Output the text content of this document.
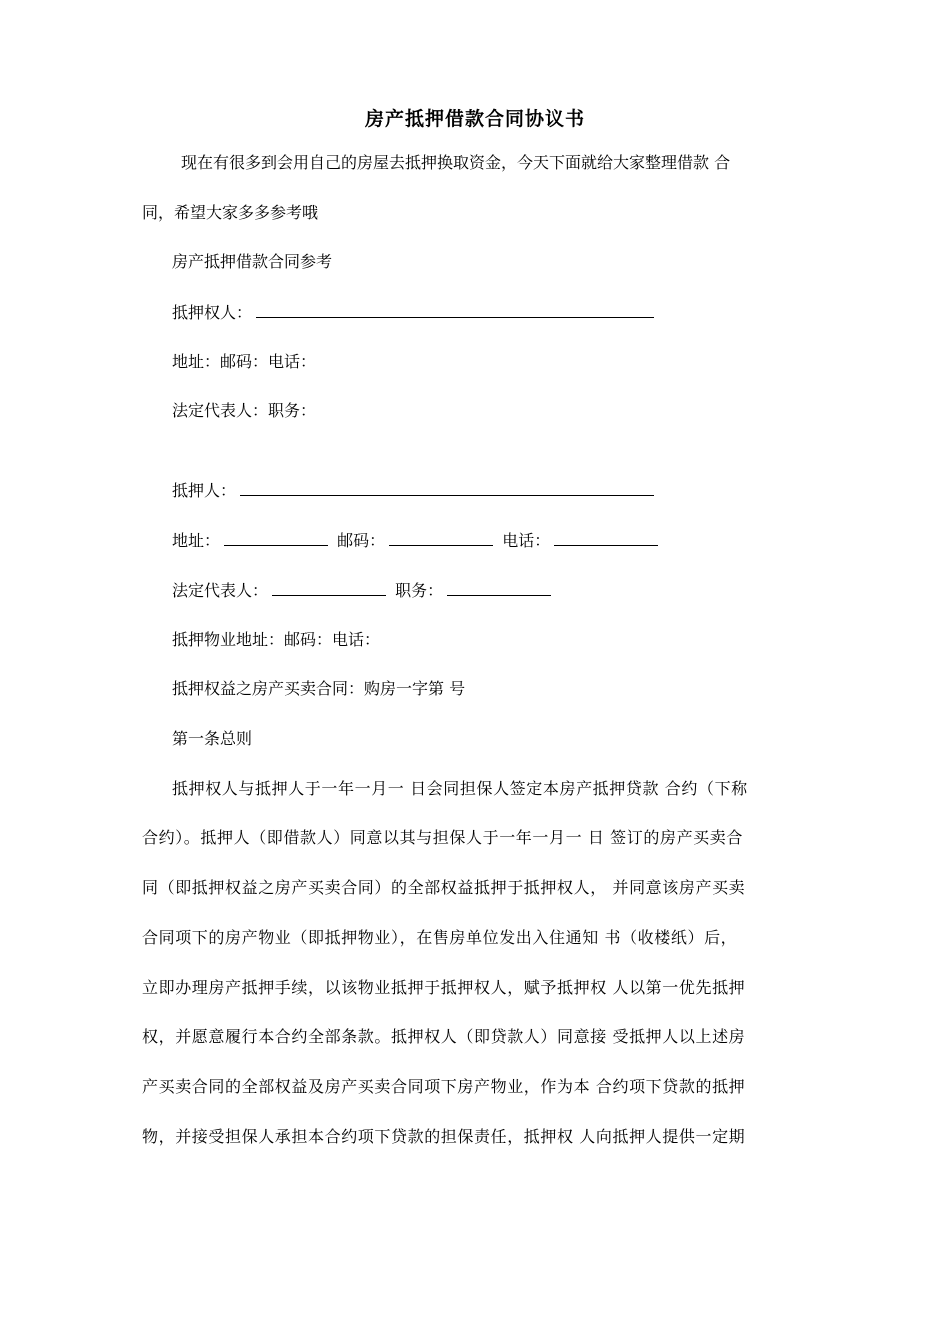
房产抵押借款合同协议书
现在有很多到会用自己的房屋去抵押换取资金，今天下面就给大家整理借款 合
同，希望大家多多参考哦
房产抵押借款合同参考
抵押权人：
地址：邮码：电话：
法定代表人：职务：
抵押人：
地址：	邮码：	电话：
法定代表人：	职务：
抵押物业地址：邮码：电话：
抵押权益之房产买卖合同：购房一字第 号
第一条总则
抵押权人与抵押人于一年一月一 日会同担保人签定本房产抵押贷款 合约（下称
合约）。抵押人（即借款人）同意以其与担保人于一年一月一 日 签订的房产买卖合
同（即抵押权益之房产买卖合同）的全部权益抵押于抵押权人， 并同意该房产买卖
合同项下的房产物业（即抵押物业），在售房单位发出入住通知 书（收楼纸）后，
立即办理房产抵押手续，以该物业抵押于抵押权人，赋予抵押权 人以第一优先抵押
权，并愿意履行本合约全部条款。抵押权人（即贷款人）同意接 受抵押人以上述房
产买卖合同的全部权益及房产买卖合同项下房产物业，作为本 合约项下贷款的抵押
物，并接受担保人承担本合约项下贷款的担保责任，抵押权 人向抵押人提供一定期
